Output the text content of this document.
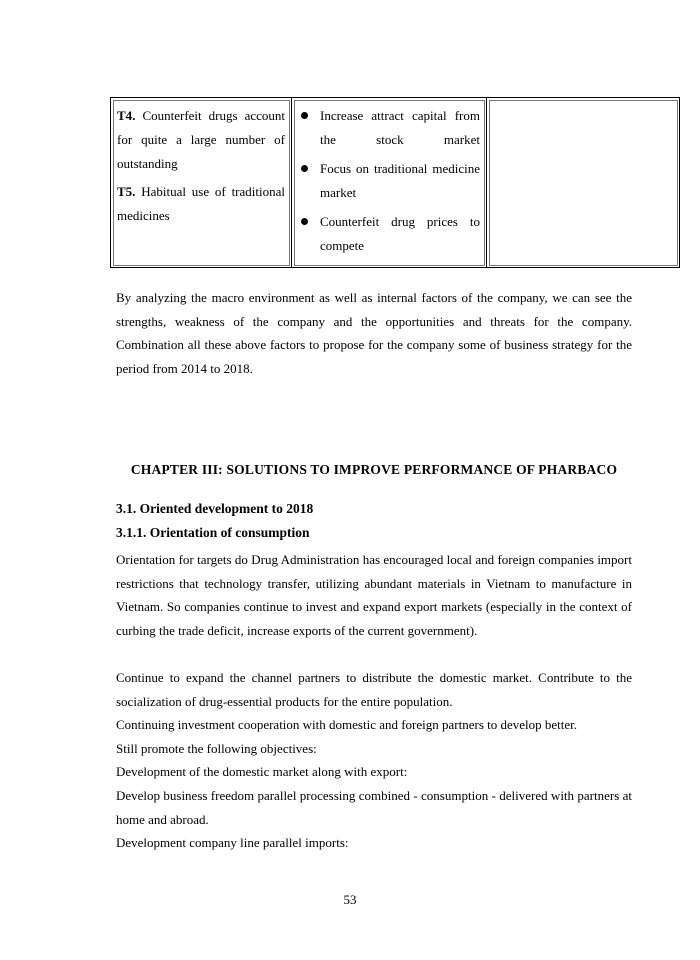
T4. Counterfeit drugs account for quite a large number of outstanding
T5. Habitual use of traditional medicines

Increase attract capital from the stock market
Focus on traditional medicine market
Counterfeit drug prices to compete

By analyzing the macro environment as well as internal factors of the company, we can see the strengths, weakness of the company and the opportunities and threats for the company. Combination all these above factors to propose for the company some of business strategy for the period from 2014 to 2018.

CHAPTER III: SOLUTIONS TO IMPROVE PERFORMANCE OF PHARBACO
3.1. Oriented development to 2018
3.1.1. Orientation of consumption

Orientation for targets do Drug Administration has encouraged local and foreign companies import restrictions that technology transfer, utilizing abundant materials in Vietnam to manufacture in Vietnam. So companies continue to invest and expand export markets (especially in the context of curbing the trade deficit, increase exports of the current government).

Continue to expand the channel partners to distribute the domestic market. Contribute to the socialization of drug-essential products for the entire population.

Continuing investment cooperation with domestic and foreign partners to develop better.

Still promote the following objectives:

Development of the domestic market along with export:

Develop business freedom parallel processing combined - consumption - delivered with partners at home and abroad.

Development company line parallel imports:

53
